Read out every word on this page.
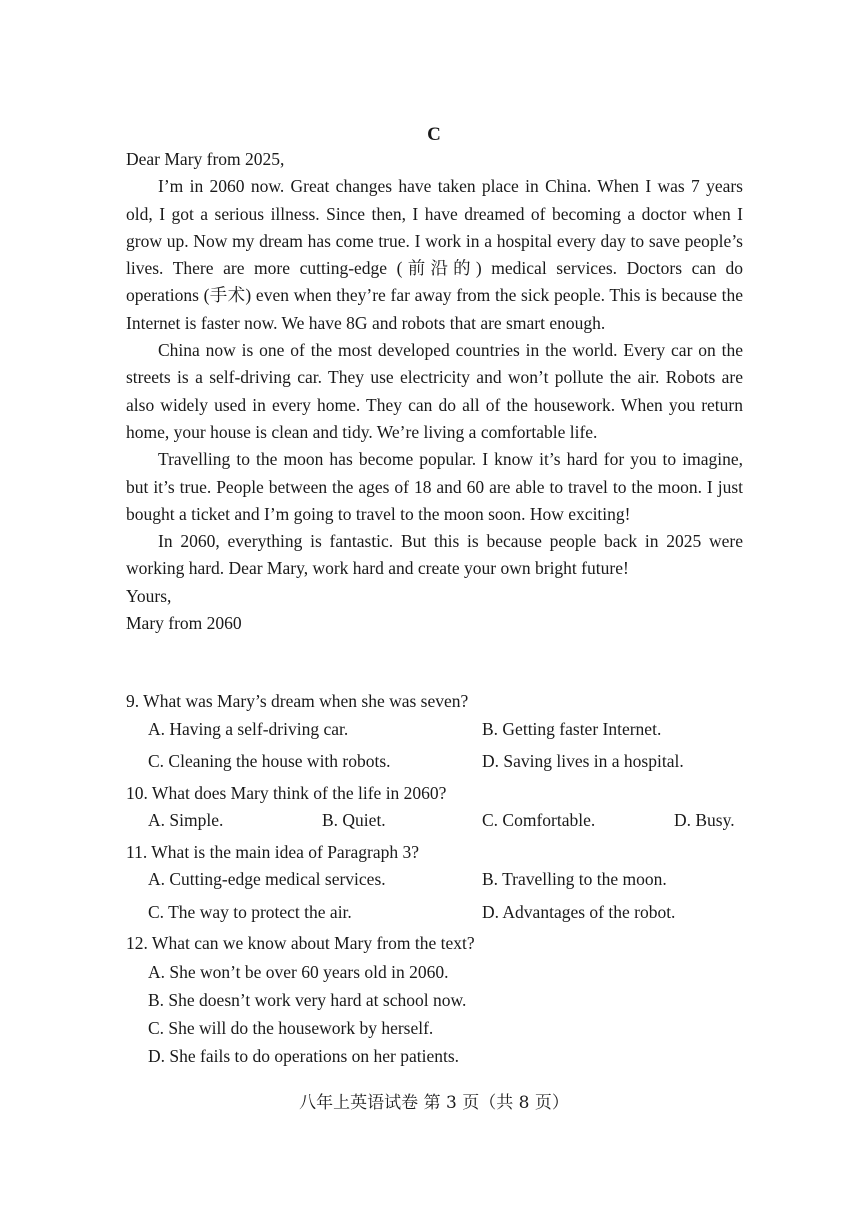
C

Dear Mary from 2025,

I’m in 2060 now. Great changes have taken place in China. When I was 7 years old, I got a serious illness. Since then, I have dreamed of becoming a doctor when I grow up. Now my dream has come true. I work in a hospital every day to save people’s lives. There are more cutting-edge (前沿的) medical services. Doctors can do operations (手术) even when they’re far away from the sick people. This is because the Internet is faster now. We have 8G and robots that are smart enough.

China now is one of the most developed countries in the world. Every car on the streets is a self-driving car. They use electricity and won’t pollute the air. Robots are also widely used in every home. They can do all of the housework. When you return home, your house is clean and tidy. We’re living a comfortable life.

Travelling to the moon has become popular. I know it’s hard for you to imagine, but it’s true. People between the ages of 18 and 60 are able to travel to the moon. I just bought a ticket and I’m going to travel to the moon soon. How exciting!

In 2060, everything is fantastic. But this is because people back in 2025 were working hard. Dear Mary, work hard and create your own bright future!

Yours,

Mary from 2060

9. What was Mary’s dream when she was seven?

A. Having a self-driving car.	B. Getting faster Internet.
C. Cleaning the house with robots.	D. Saving lives in a hospital.

10. What does Mary think of the life in 2060?

A. Simple.	B. Quiet.	C. Comfortable.	D. Busy.

11. What is the main idea of Paragraph 3?

A. Cutting-edge medical services.	B. Travelling to the moon.
C. The way to protect the air.	D. Advantages of the robot.

12. What can we know about Mary from the text?

A. She won’t be over 60 years old in 2060.
B. She doesn’t work very hard at school now.
C. She will do the housework by herself.
D. She fails to do operations on her patients.
八年上英语试卷 第 3 页（共 8 页）
